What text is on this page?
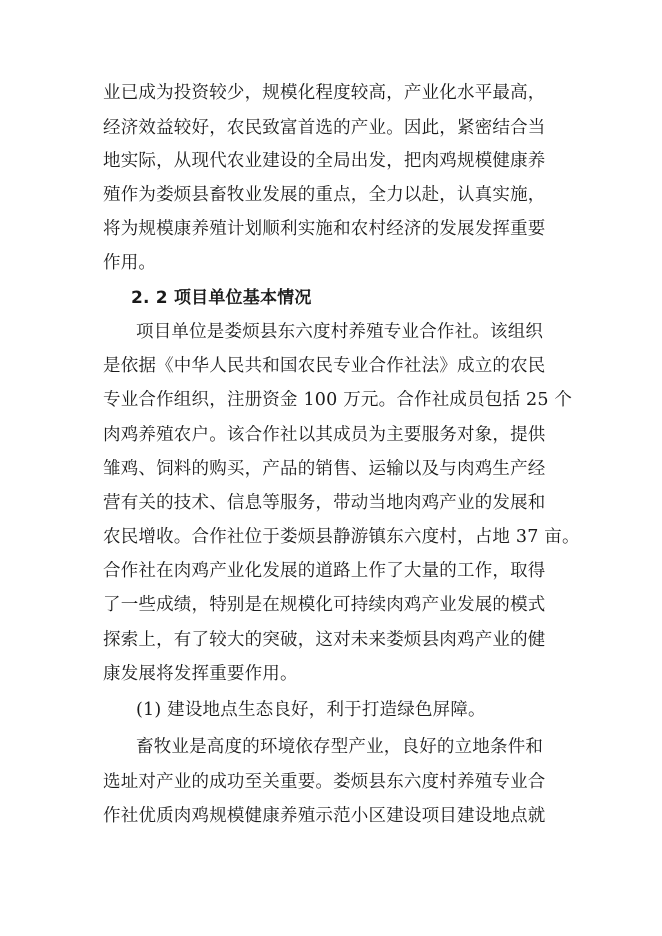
业已成为投资较少，规模化程度较高，产业化水平最高，
经济效益较好，农民致富首选的产业。因此，紧密结合当
地实际，从现代农业建设的全局出发，把肉鸡规模健康养
殖作为娄烦县畜牧业发展的重点，全力以赴，认真实施，
将为规模康养殖计划顺利实施和农村经济的发展发挥重要
作用。
2. 2 项目单位基本情况
项目单位是娄烦县东六度村养殖专业合作社。该组织
是依据《中华人民共和国农民专业合作社法》成立的农民
专业合作组织，注册资金 100 万元。合作社成员包括 25 个
肉鸡养殖农户。该合作社以其成员为主要服务对象，提供
雏鸡、饲料的购买，产品的销售、运输以及与肉鸡生产经
营有关的技术、信息等服务，带动当地肉鸡产业的发展和
农民增收。合作社位于娄烦县静游镇东六度村，占地 37 亩。
合作社在肉鸡产业化发展的道路上作了大量的工作，取得
了一些成绩，特别是在规模化可持续肉鸡产业发展的模式
探索上，有了较大的突破，这对未来娄烦县肉鸡产业的健
康发展将发挥重要作用。
(1) 建设地点生态良好，利于打造绿色屏障。
畜牧业是高度的环境依存型产业，良好的立地条件和
选址对产业的成功至关重要。娄烦县东六度村养殖专业合
作社优质肉鸡规模健康养殖示范小区建设项目建设地点就
